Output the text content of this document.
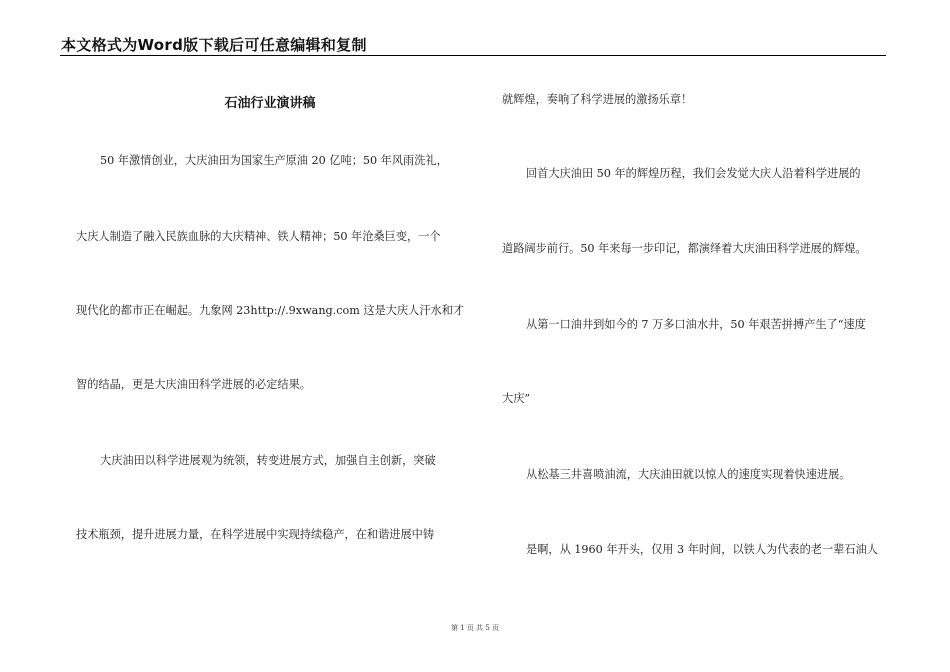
本文格式为Word版下载后可任意编辑和复制
石油行业演讲稿
50 年激情创业，大庆油田为国家生产原油 20 亿吨；50 年风雨洗礼，
大庆人制造了融入民族血脉的大庆精神、铁人精神；50 年沧桑巨变，一个
现代化的都市正在崛起。九象网 23http://.9xwang.com 这是大庆人汗水和才
智的结晶，更是大庆油田科学进展的必定结果。
大庆油田以科学进展观为统领，转变进展方式，加强自主创新，突破
技术瓶颈，提升进展力量，在科学进展中实现持续稳产，在和谐进展中铸
就辉煌，奏响了科学进展的激扬乐章！
回首大庆油田 50 年的辉煌历程，我们会发觉大庆人沿着科学进展的
道路阔步前行。50 年来每一步印记，都演绎着大庆油田科学进展的辉煌。
从第一口油井到如今的 7 万多口油水井，50 年艰苦拼搏产生了“速度
大庆”
从松基三井喜喷油流，大庆油田就以惊人的速度实现着快速进展。
是啊，从 1960 年开头，仅用 3 年时间，以铁人为代表的老一辈石油人
第 1 页 共 5 页
